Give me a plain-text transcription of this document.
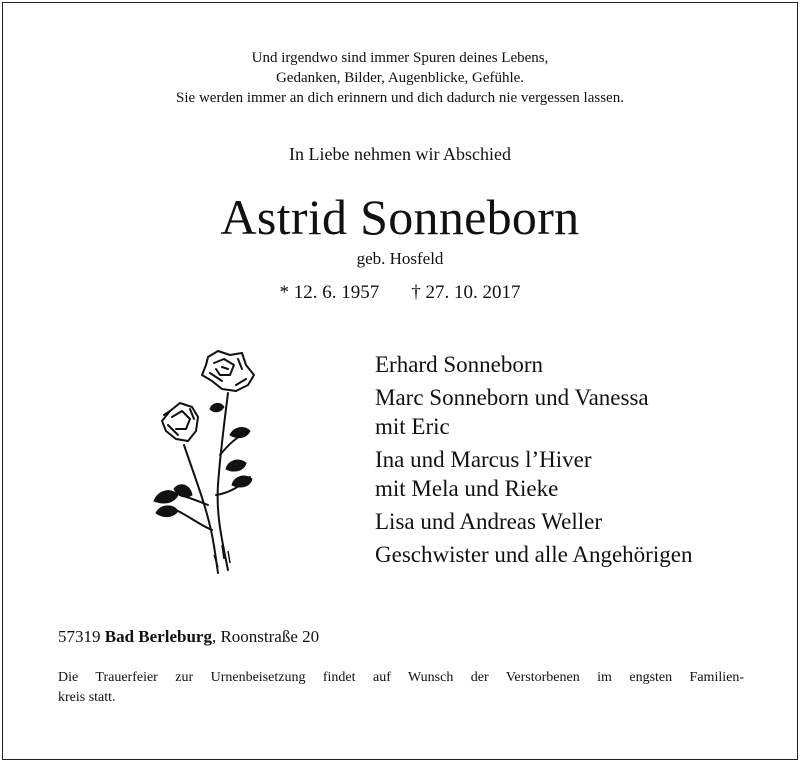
Und irgendwo sind immer Spuren deines Lebens,
Gedanken, Bilder, Augenblicke, Gefühle.
Sie werden immer an dich erinnern und dich dadurch nie vergessen lassen.
In Liebe nehmen wir Abschied
Astrid Sonneborn
geb. Hosfeld
* 12. 6. 1957 † 27. 10. 2017
Erhard Sonneborn
Marc Sonneborn und Vanessa
mit Eric
Ina und Marcus l’Hiver
mit Mela und Rieke
Lisa und Andreas Weller
Geschwister und alle Angehörigen
57319 Bad Berleburg, Roonstraße 20
Die Trauerfeier zur Urnenbeisetzung findet auf Wunsch der Verstorbenen im engsten Familien-
kreis statt.
